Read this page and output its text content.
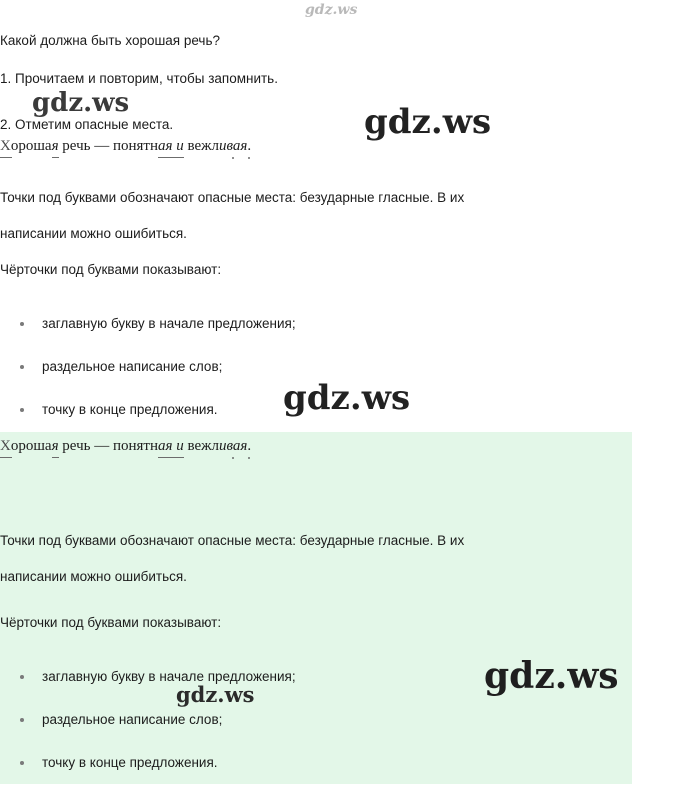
Какой должна быть хорошая речь?
1. Прочитаем и повторим, чтобы запомнить.
2. Отметим опасные места.
Хорошая речь — понятная и вежливая.
Точки под буквами обозначают опасные места: безударные гласные. В их
написании можно ошибиться.
Чёрточки под буквами показывают:
заглавную букву в начале предложения;
раздельное написание слов;
точку в конце предложения.
Хорошая речь — понятная и вежливая.
Точки под буквами обозначают опасные места: безударные гласные. В их
написании можно ошибиться.
Чёрточки под буквами показывают:
заглавную букву в начале предложения;
раздельное написание слов;
точку в конце предложения.
gdz.ws
gdz.ws	gdz.ws
gdz.ws
gdz.ws	gdz.ws
